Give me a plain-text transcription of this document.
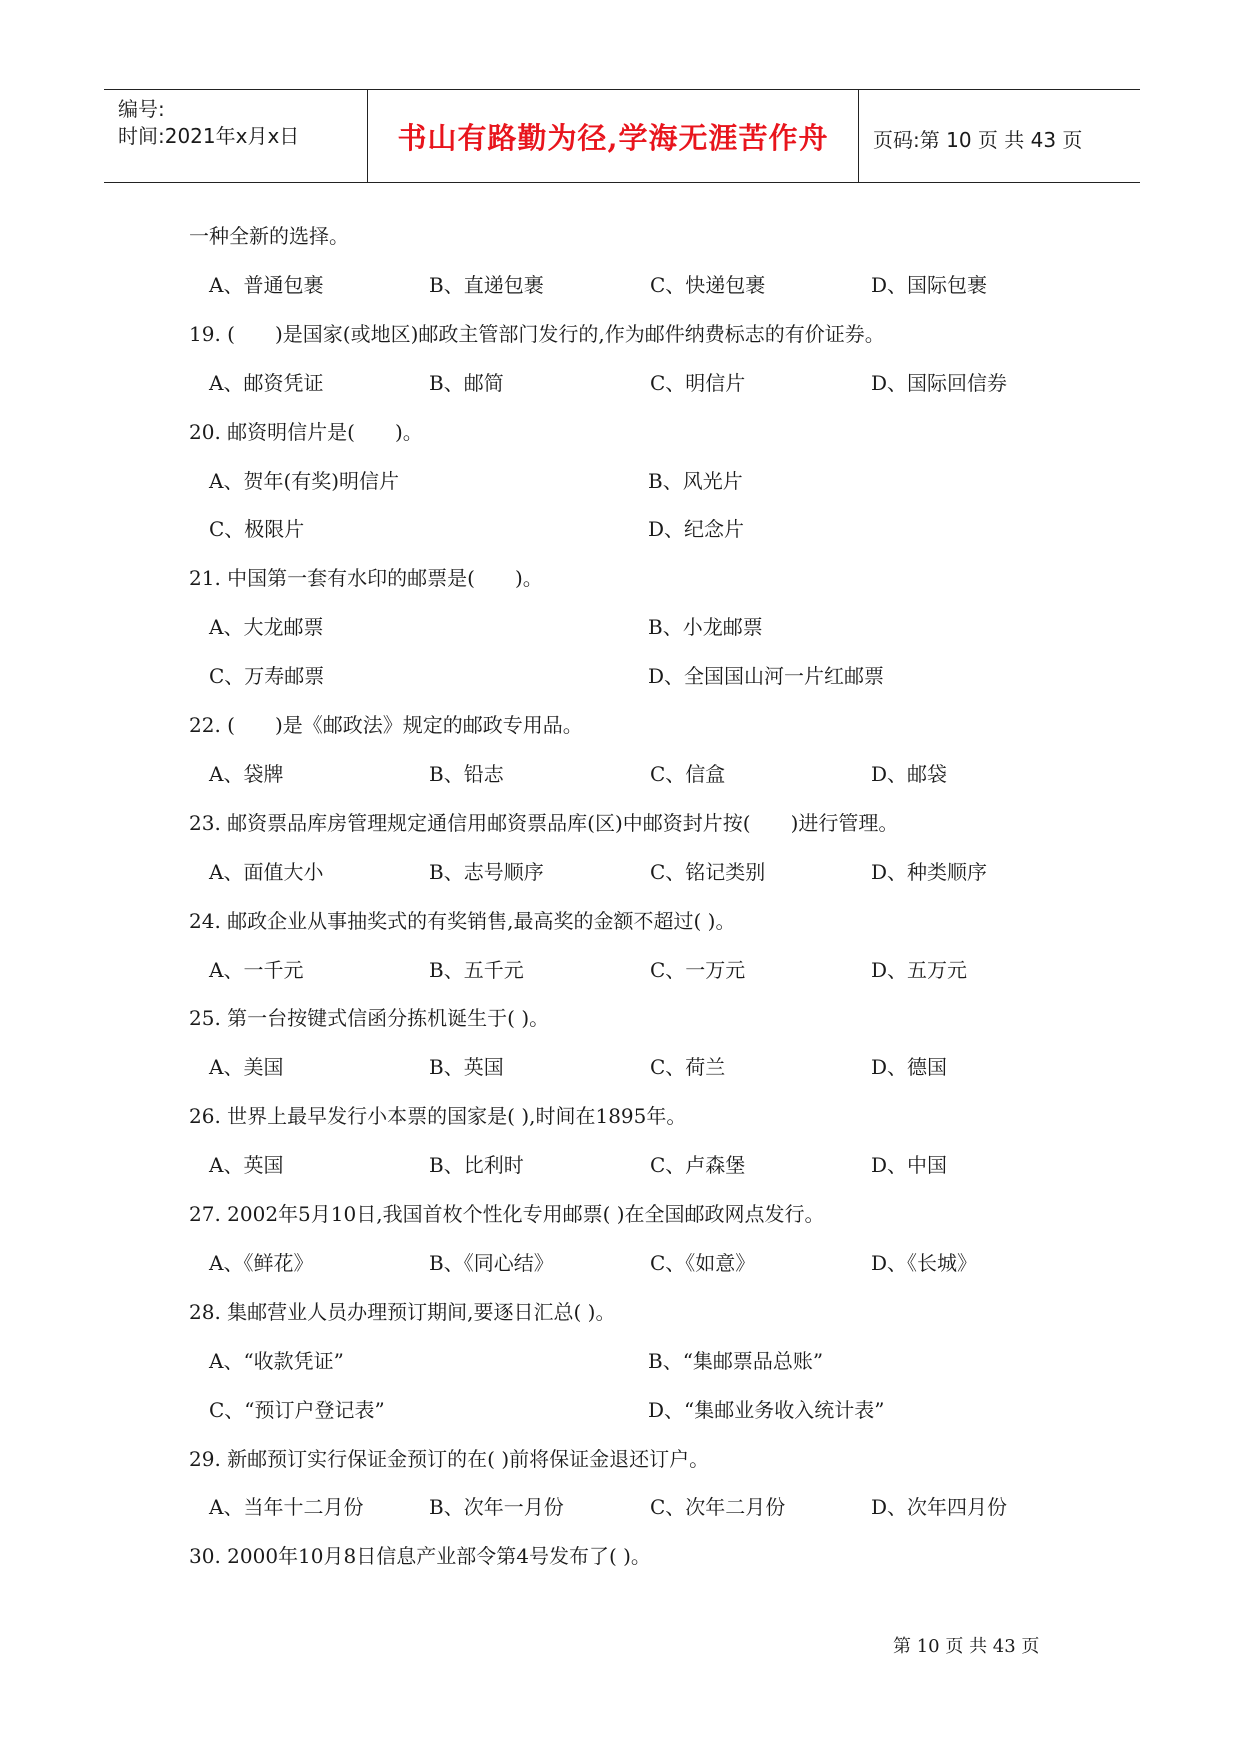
编号:
时间:2021年x月x日	书山有路勤为径,学海无涯苦作舟	页码:第 10 页 共 43 页
一种全新的选择。
A、普通包裹	B、直递包裹	C、快递包裹	D、国际包裹
19. (　　)是国家(或地区)邮政主管部门发行的,作为邮件纳费标志的有价证券。
A、邮资凭证	B、邮简	C、明信片	D、国际回信券
20. 邮资明信片是(　　)。
A、贺年(有奖)明信片	B、风光片
C、极限片	D、纪念片
21. 中国第一套有水印的邮票是(　　)。
A、大龙邮票	B、小龙邮票
C、万寿邮票	D、全国国山河一片红邮票
22. (　　)是《邮政法》规定的邮政专用品。
A、袋牌	B、铅志	C、信盒	D、邮袋
23. 邮资票品库房管理规定通信用邮资票品库(区)中邮资封片按(　　)进行管理。
A、面值大小	B、志号顺序	C、铭记类别	D、种类顺序
24. 邮政企业从事抽奖式的有奖销售,最高奖的金额不超过( )。
A、一千元	B、五千元	C、一万元	D、五万元
25. 第一台按键式信函分拣机诞生于( )。
A、美国	B、英国	C、荷兰	D、德国
26. 世界上最早发行小本票的国家是( ),时间在1895年。
A、英国	B、比利时	C、卢森堡	D、中国
27. 2002年5月10日,我国首枚个性化专用邮票( )在全国邮政网点发行。
A、《鲜花》	B、《同心结》	C、《如意》	D、《长城》
28. 集邮营业人员办理预订期间,要逐日汇总( )。
A、“收款凭证”	B、“集邮票品总账”
C、“预订户登记表”	D、“集邮业务收入统计表”
29. 新邮预订实行保证金预订的在( )前将保证金退还订户。
A、当年十二月份	B、次年一月份	C、次年二月份	D、次年四月份
30. 2000年10月8日信息产业部令第4号发布了( )。
第 10 页 共 43 页
